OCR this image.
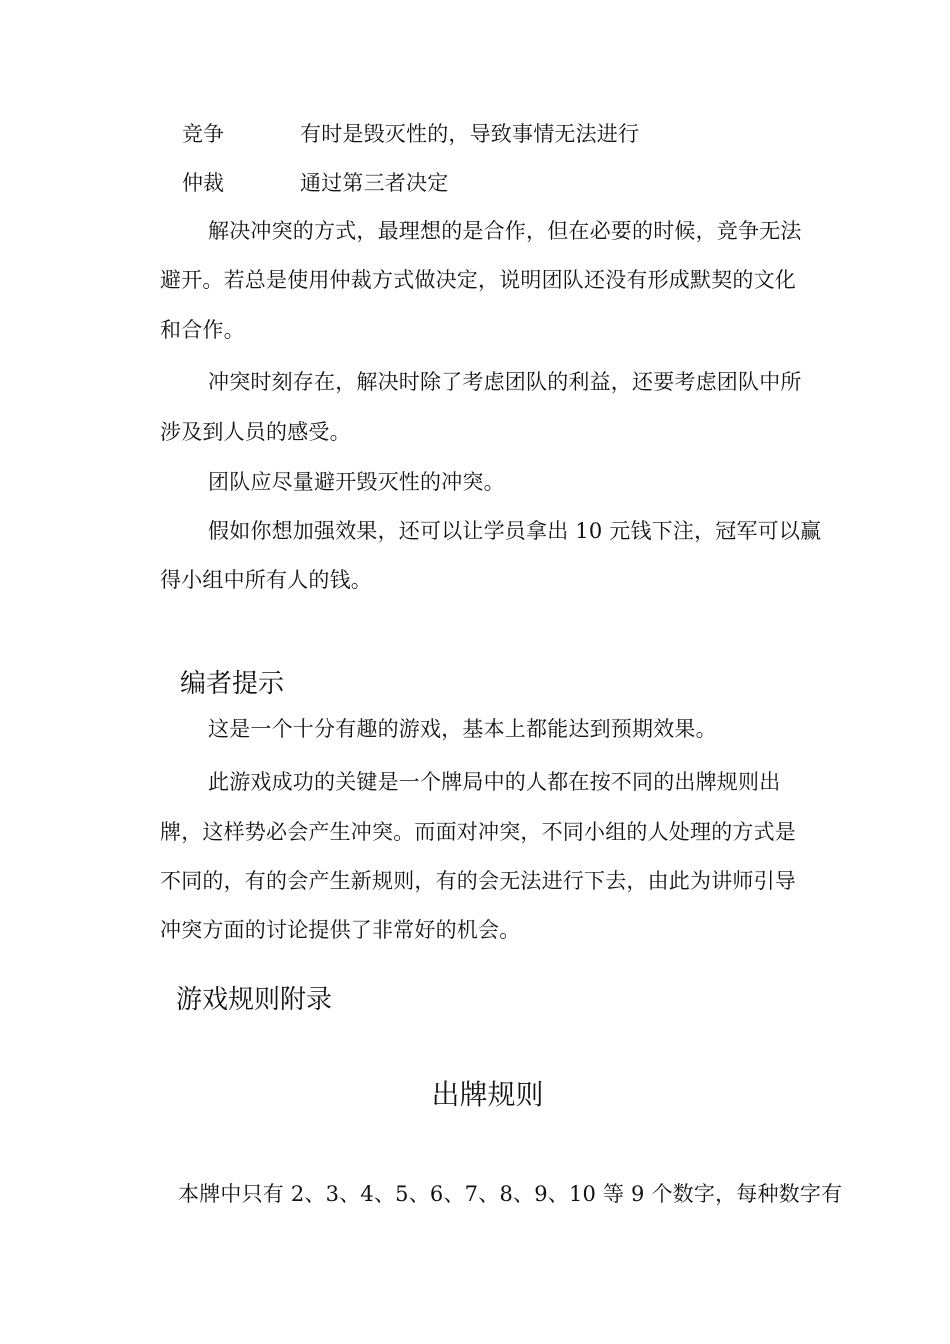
竞争	有时是毁灭性的，导致事情无法进行
仲裁	通过第三者决定
解决冲突的方式，最理想的是合作，但在必要的时候，竞争无法
避开。若总是使用仲裁方式做决定，说明团队还没有形成默契的文化
和合作。
冲突时刻存在，解决时除了考虑团队的利益，还要考虑团队中所
涉及到人员的感受。
团队应尽量避开毁灭性的冲突。
假如你想加强效果，还可以让学员拿出 10 元钱下注，冠军可以赢
得小组中所有人的钱。
编者提示
这是一个十分有趣的游戏，基本上都能达到预期效果。
此游戏成功的关键是一个牌局中的人都在按不同的出牌规则出
牌，这样势必会产生冲突。而面对冲突，不同小组的人处理的方式是
不同的，有的会产生新规则，有的会无法进行下去，由此为讲师引导
冲突方面的讨论提供了非常好的机会。
游戏规则附录
出牌规则
本牌中只有 2、3、4、5、6、7、8、9、10 等 9 个数字，每种数字有
